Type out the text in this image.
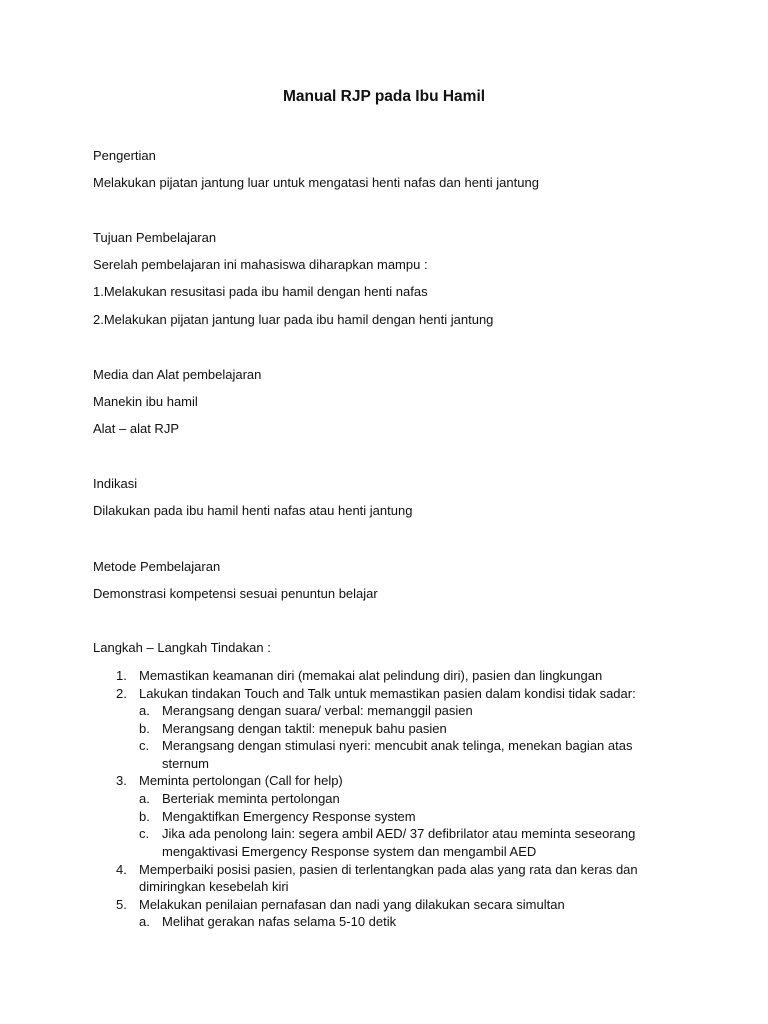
Manual RJP pada Ibu Hamil
Pengertian
Melakukan pijatan jantung luar untuk mengatasi henti nafas dan henti jantung
Tujuan Pembelajaran
Serelah pembelajaran ini mahasiswa diharapkan mampu :
1.Melakukan resusitasi pada ibu hamil dengan henti nafas
2.Melakukan pijatan jantung luar pada ibu hamil dengan henti jantung
Media dan Alat pembelajaran
Manekin ibu hamil
Alat – alat RJP
Indikasi
Dilakukan pada ibu hamil henti nafas atau henti jantung
Metode Pembelajaran
Demonstrasi kompetensi sesuai penuntun belajar
Langkah – Langkah Tindakan :
1. Memastikan keamanan diri (memakai alat pelindung diri), pasien dan lingkungan
2. Lakukan tindakan Touch and Talk untuk memastikan pasien dalam kondisi tidak sadar:
a. Merangsang dengan suara/ verbal: memanggil pasien
b. Merangsang dengan taktil: menepuk bahu pasien
c. Merangsang dengan stimulasi nyeri: mencubit anak telinga, menekan bagian atas
sternum
3. Meminta pertolongan (Call for help)
a. Berteriak meminta pertolongan
b. Mengaktifkan Emergency Response system
c. Jika ada penolong lain: segera ambil AED/ 37 defibrilator atau meminta seseorang
mengaktivasi Emergency Response system dan mengambil AED
4. Memperbaiki posisi pasien, pasien di terlentangkan pada alas yang rata dan keras dan
dimiringkan kesebelah kiri
5. Melakukan penilaian pernafasan dan nadi yang dilakukan secara simultan
a. Melihat gerakan nafas selama 5-10 detik
